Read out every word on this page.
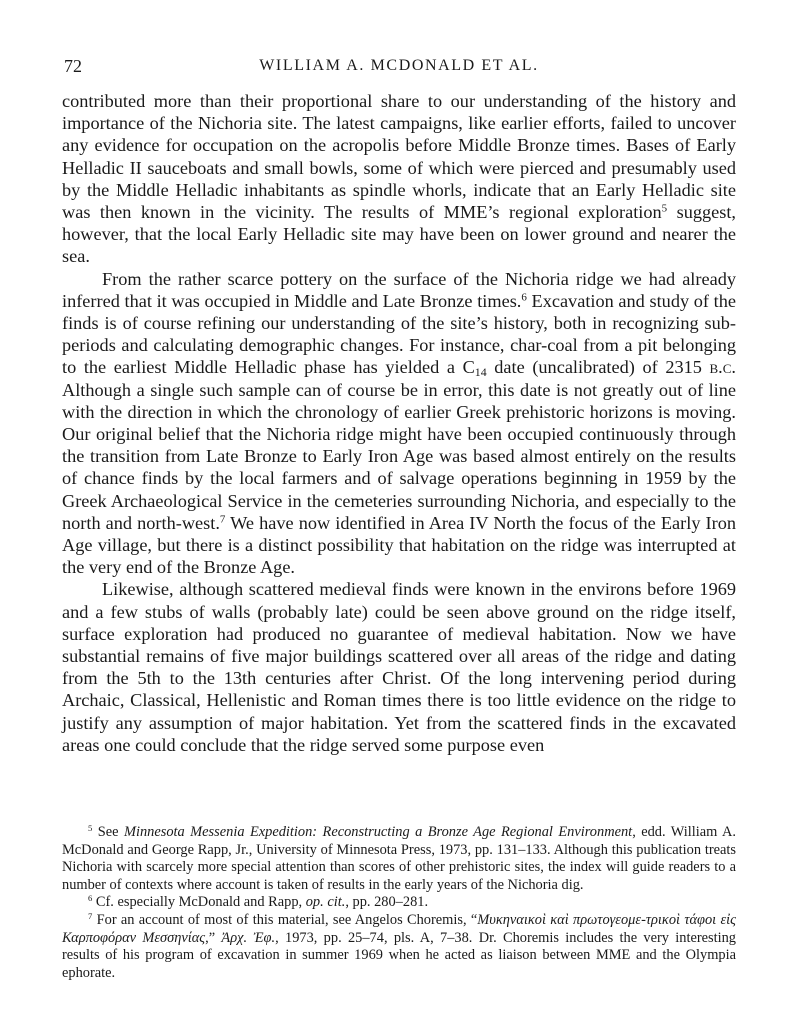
72	WILLIAM A. MCDONALD ET AL.

contributed more than their proportional share to our understanding of the history and importance of the Nichoria site. The latest campaigns, like earlier efforts, failed to uncover any evidence for occupation on the acropolis before Middle Bronze times. Bases of Early Helladic II sauceboats and small bowls, some of which were pierced and presumably used by the Middle Helladic inhabitants as spindle whorls, indicate that an Early Helladic site was then known in the vicinity. The results of MME’s regional exploration$^5$ suggest, however, that the local Early Helladic site may have been on lower ground and nearer the sea.

From the rather scarce pottery on the surface of the Nichoria ridge we had already inferred that it was occupied in Middle and Late Bronze times.$^6$ Excavation and study of the finds is of course refining our understanding of the site’s history, both in recognizing sub-periods and calculating demographic changes. For instance, char-coal from a pit belonging to the earliest Middle Helladic phase has yielded a $C_{14}$ date (uncalibrated) of 2315 b.c. Although a single such sample can of course be in error, this date is not greatly out of line with the direction in which the chronology of earlier Greek prehistoric horizons is moving. Our original belief that the Nichoria ridge might have been occupied continuously through the transition from Late Bronze to Early Iron Age was based almost entirely on the results of chance finds by the local farmers and of salvage operations beginning in 1959 by the Greek Archaeological Service in the cemeteries surrounding Nichoria, and especially to the north and north-west.$^7$ We have now identified in Area IV North the focus of the Early Iron Age village, but there is a distinct possibility that habitation on the ridge was interrupted at the very end of the Bronze Age.

Likewise, although scattered medieval finds were known in the environs before 1969 and a few stubs of walls (probably late) could be seen above ground on the ridge itself, surface exploration had produced no guarantee of medieval habitation. Now we have substantial remains of five major buildings scattered over all areas of the ridge and dating from the 5th to the 13th centuries after Christ. Of the long intervening period during Archaic, Classical, Hellenistic and Roman times there is too little evidence on the ridge to justify any assumption of major habitation. Yet from the scattered finds in the excavated areas one could conclude that the ridge served some purpose even

$^5$ See Minnesota Messenia Expedition: Reconstructing a Bronze Age Regional Environment, edd. William A. McDonald and George Rapp, Jr., University of Minnesota Press, 1973, pp. 131–133. Although this publication treats Nichoria with scarcely more special attention than scores of other prehistoric sites, the index will guide readers to a number of contexts where account is taken of results in the early years of the Nichoria dig.

$^6$ Cf. especially McDonald and Rapp, op. cit., pp. 280–281.

$^7$ For an account of most of this material, see Angelos Choremis, “Μυκηναικοὶ καὶ πρωτογεομε-τρικοὶ τάφοι εἰς Καρποφόραν Μεσσηνίας,” Ἀρχ. Ἐφ., 1973, pp. 25–74, pls. A, 7–38. Dr. Choremis includes the very interesting results of his program of excavation in summer 1969 when he acted as liaison between MME and the Olympia ephorate.
